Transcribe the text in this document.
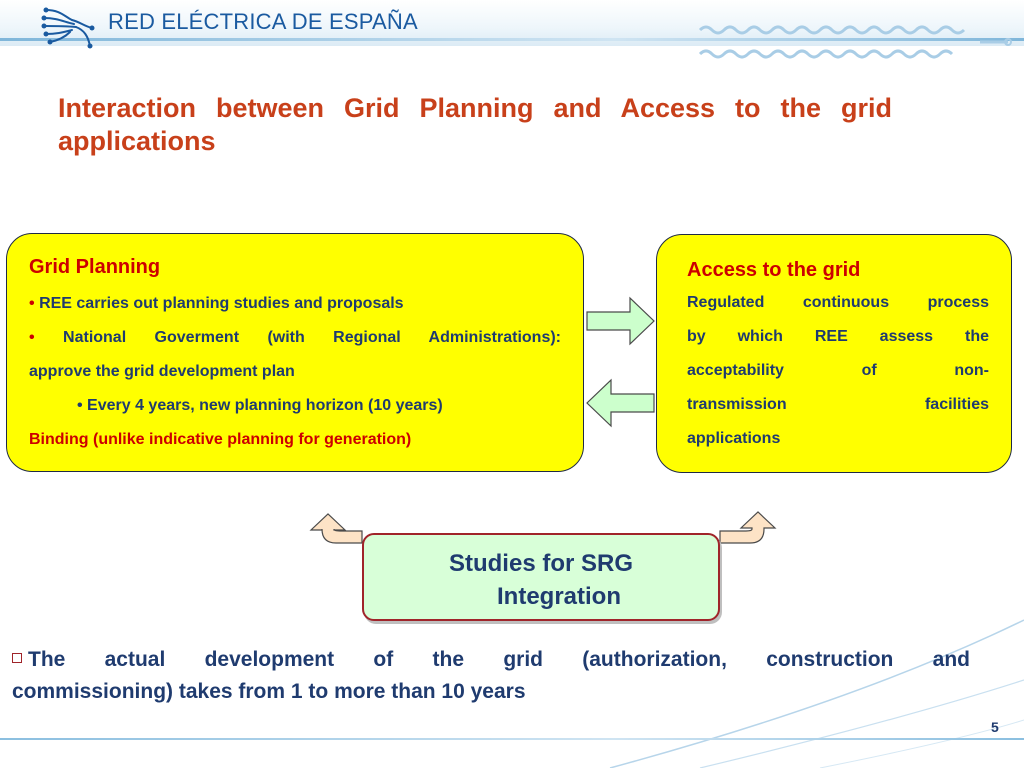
RED ELÉCTRICA DE ESPAÑA
Interaction between Grid Planning and Access to the grid applications
Grid Planning
• REE carries out planning studies and proposals
• National Goverment (with Regional Administrations):
approve the grid development plan
• Every 4 years, new planning horizon (10 years)
Binding (unlike indicative planning for generation)
Access to the grid
Regulated continuous process
by which REE assess the
acceptability of non-
transmission facilities
applications
Studies for SRG
Integration
The actual development of the grid (authorization, construction and
commissioning) takes from 1 to more than 10 years
5
